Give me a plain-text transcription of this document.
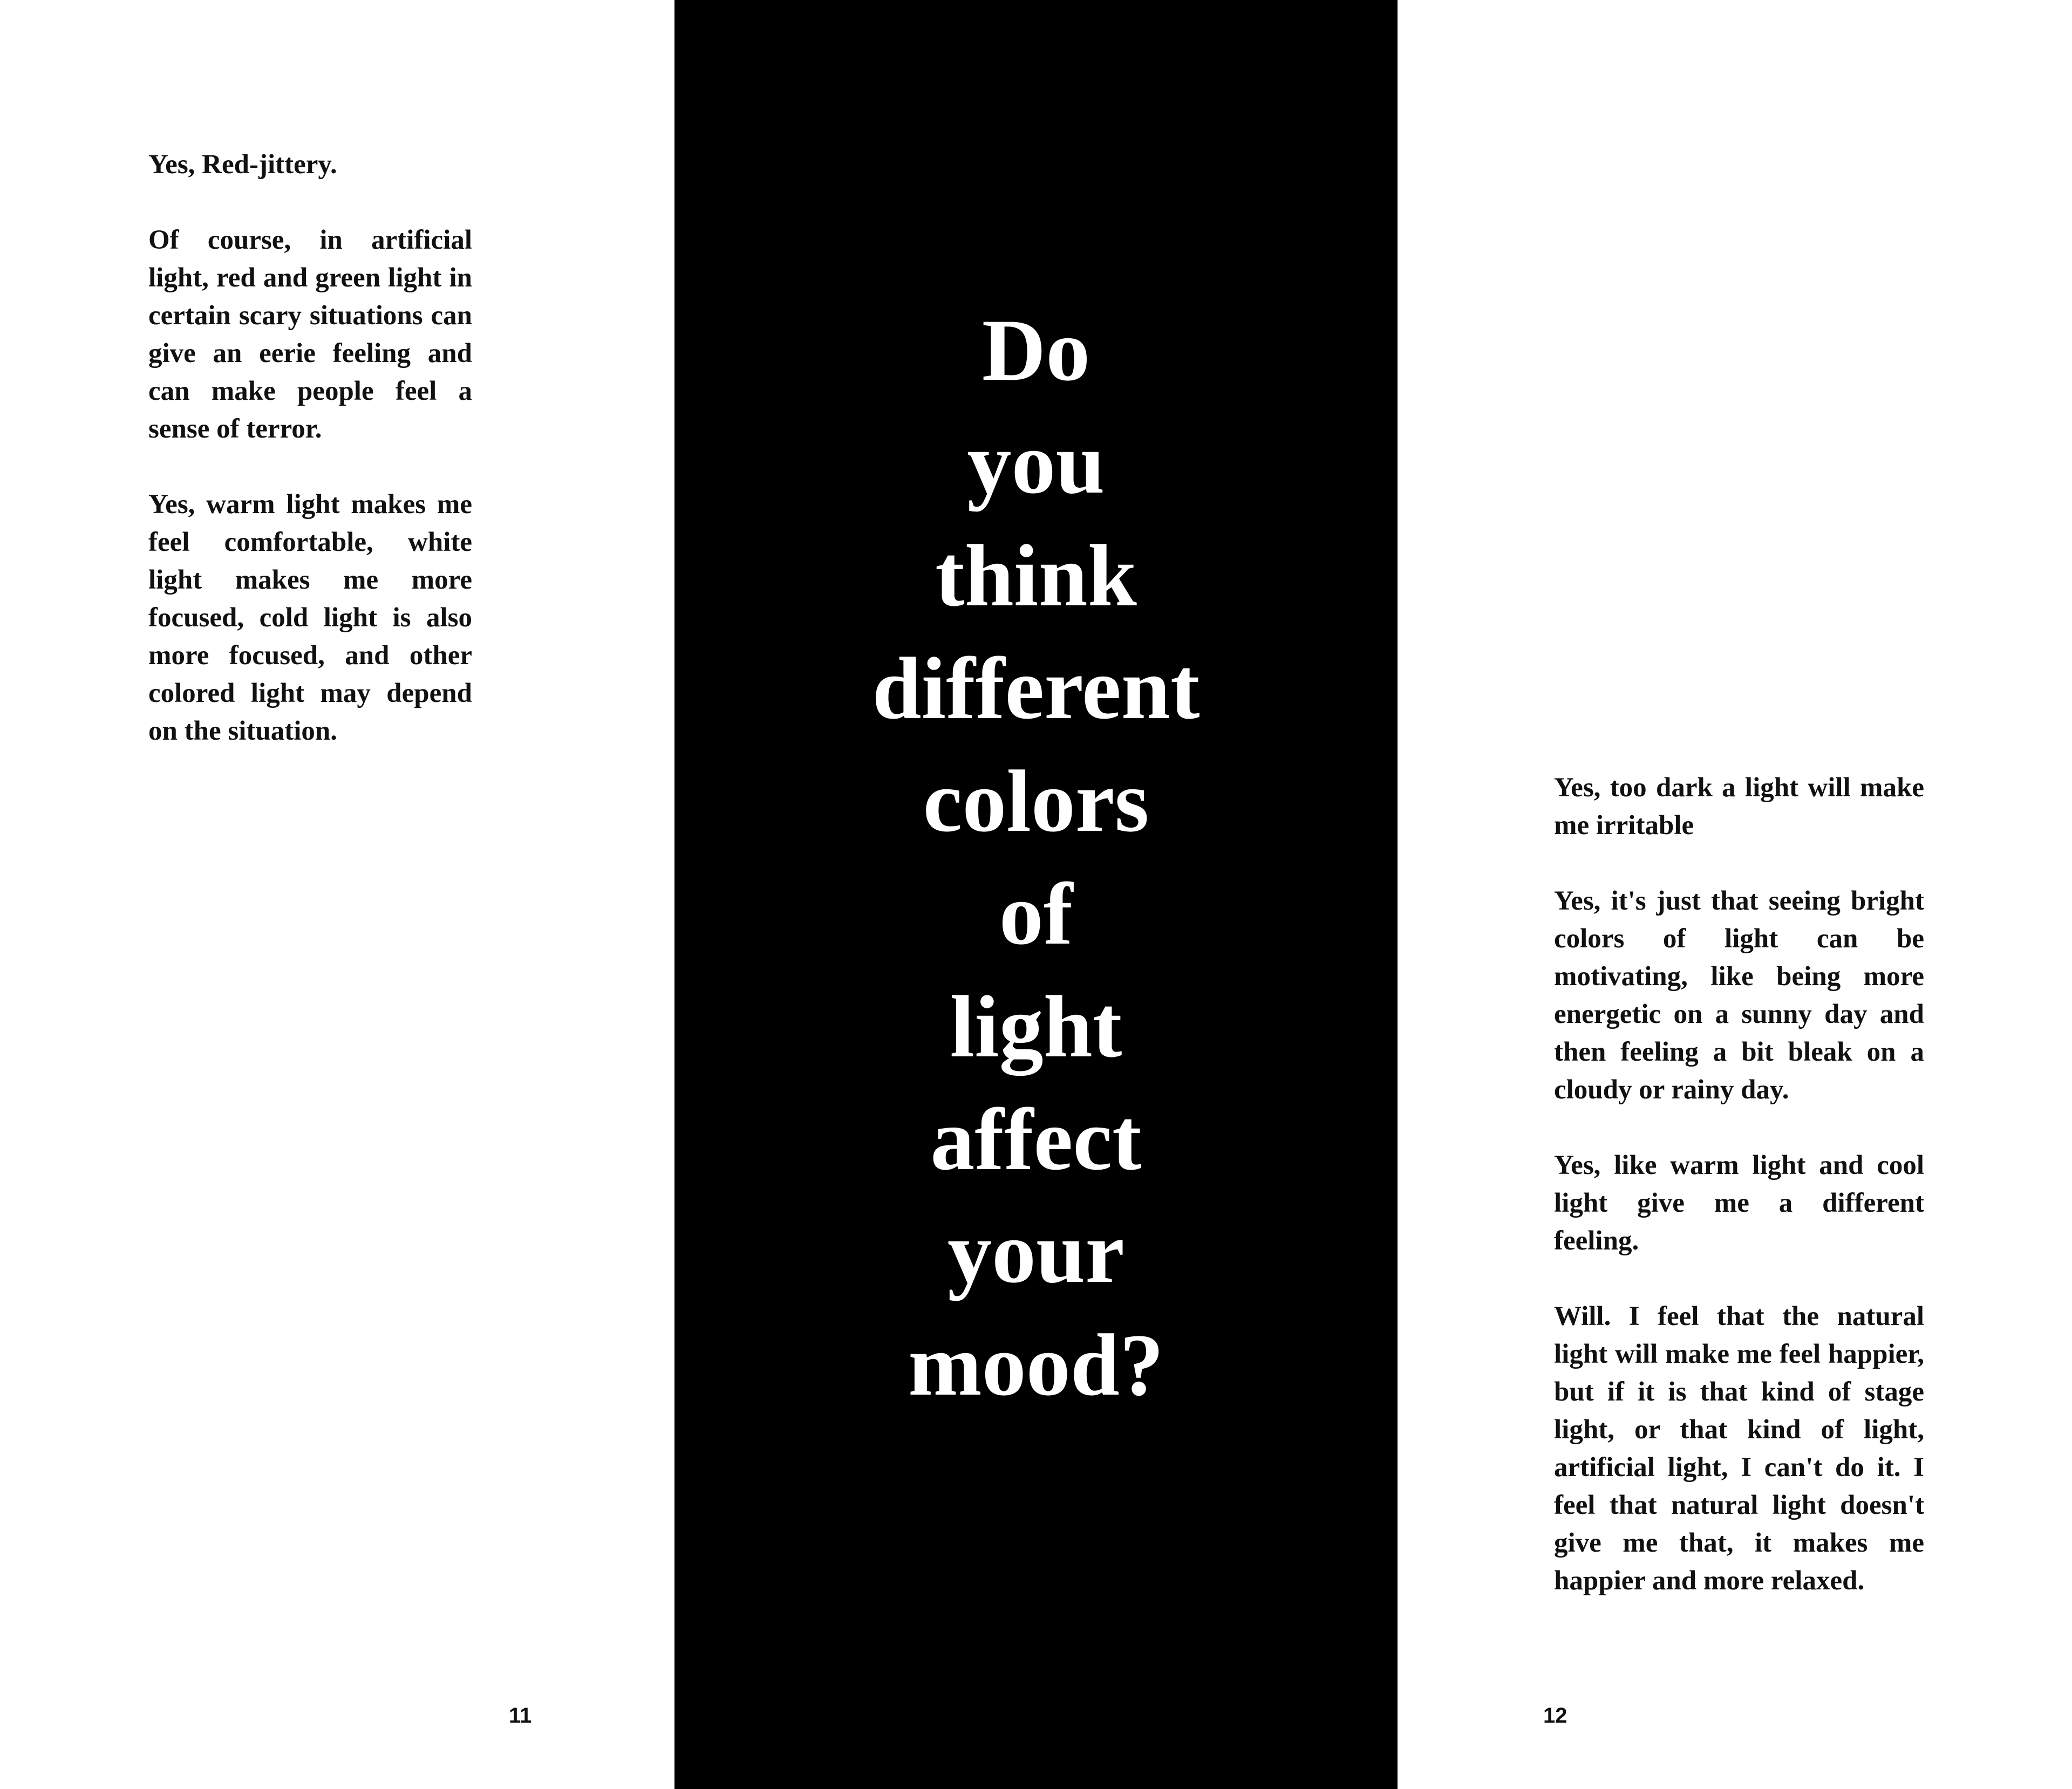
Yes, Red-jittery.

Of course, in artificial light, red and green light in certain scary situations can give an eerie feeling and can make people feel a sense of terror.

Yes, warm light makes me feel comfortable, white light makes me more focused, cold light is also more focused, and other colored light may depend on the situation.

11

Do
you
think
different
colors
of
light
affect
your
mood?

Yes, too dark a light will make me irritable

Yes, it's just that seeing bright colors of light can be motivating, like being more energetic on a sunny day and then feeling a bit bleak on a cloudy or rainy day.

Yes, like warm light and cool light give me a different feeling.

Will. I feel that the natural light will make me feel happier, but if it is that kind of stage light, or that kind of light, artificial light, I can't do it. I feel that natural light doesn't give me that, it makes me happier and more relaxed.

12
